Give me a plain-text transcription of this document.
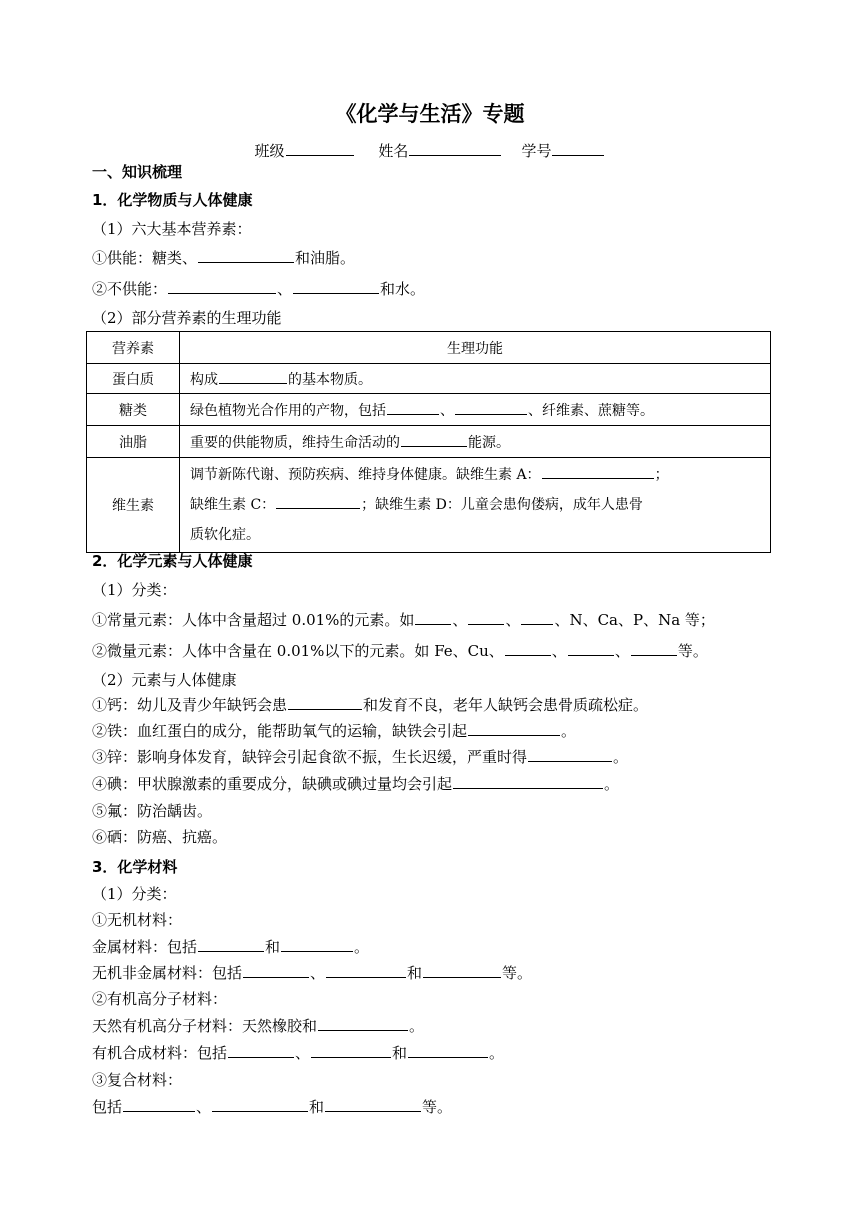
《化学与生活》专题
班级	姓名	学号
一、知识梳理
1．化学物质与人体健康
（1）六大基本营养素：
①供能：糖类、	和油脂。
②不供能：	、	和水。
（2）部分营养素的生理功能
营养素	生理功能
蛋白质	构成 的基本物质。
糖类	绿色植物光合作用的产物，包括 、 、纤维素、蔗糖等。
油脂	重要的供能物质，维持生命活动的 能源。
维生素	调节新陈代谢、预防疾病、维持身体健康。缺维生素 A： ；
缺维生素 C： ；缺维生素 D：儿童会患佝偻病，成年人患骨
质软化症。
2．化学元素与人体健康
（1）分类：
①常量元素：人体中含量超过 0.01%的元素。如	、	、 、N、Ca、P、Na 等；
②微量元素：人体中含量在 0.01%以下的元素。如 Fe、Cu、	、	、	等。
（2）元素与人体健康
①钙：幼儿及青少年缺钙会患	和发育不良，老年人缺钙会患骨质疏松症。
②铁：血红蛋白的成分，能帮助氧气的运输，缺铁会引起	。
③锌：影响身体发育，缺锌会引起食欲不振，生长迟缓，严重时得	。
④碘：甲状腺激素的重要成分，缺碘或碘过量均会引起	。
⑤氟：防治龋齿。
⑥硒：防癌、抗癌。
3．化学材料
（1）分类：
①无机材料：
金属材料：包括	和	。
无机非金属材料：包括	、	和	等。
②有机高分子材料：
天然有机高分子材料：天然橡胶和	。
有机合成材料：包括	、	和	。
③复合材料：
包括	、	和	等。
